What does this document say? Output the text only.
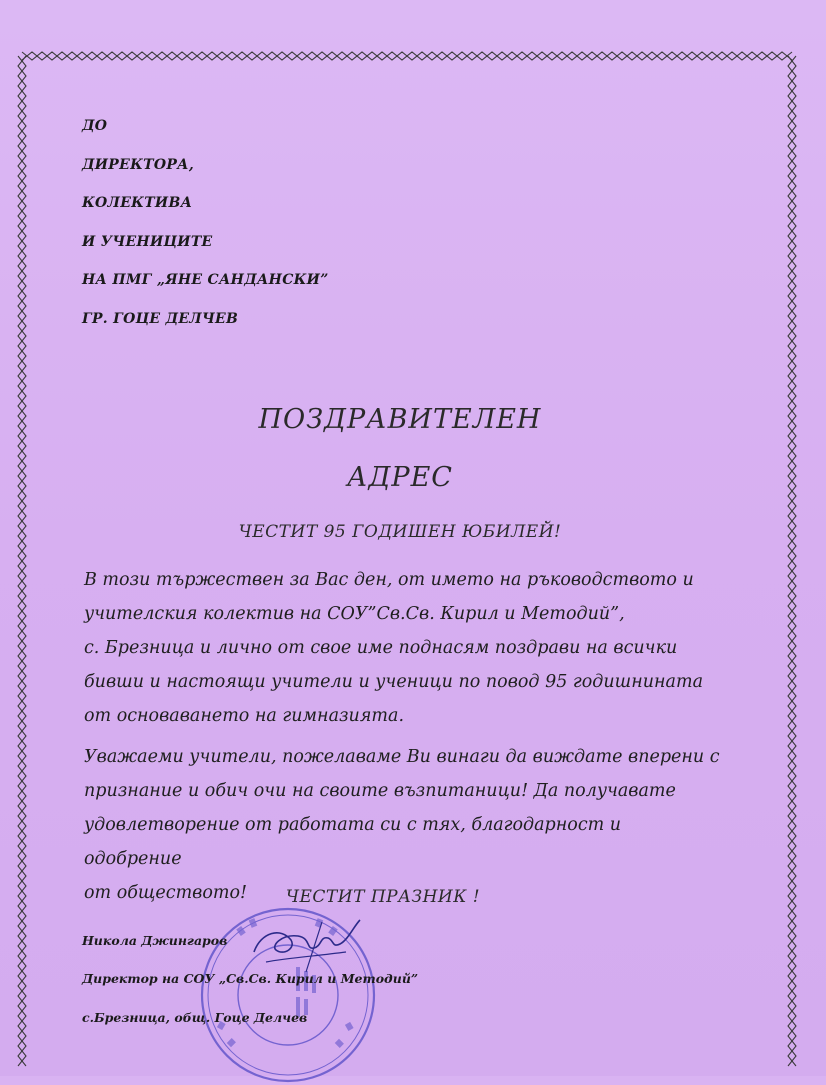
ДО
ДИРЕКТОРА,
КОЛЕКТИВА
И УЧЕНИЦИТЕ
НА ПМГ „ЯНЕ САНДАНСКИ”
ГР. ГОЦЕ ДЕЛЧЕВ
ПОЗДРАВИТЕЛЕН
АДРЕС
ЧЕСТИТ 95 ГОДИШЕН ЮБИЛЕЙ!
В този тържествен за Вас ден, от името на ръководството и
учителския колектив на СОУ”Св.Св. Кирил и Методий”,
с. Брезница и лично от свое име поднасям поздрави на всички
бивши и настоящи учители и ученици по повод 95 годишнината
от основаването на гимназията.
Уважаеми учители, пожелаваме Ви винаги да виждате вперени с
признание и обич очи на своите възпитаници! Да получавате
удовлетворение от работата си с тях, благодарност и одобрение
от обществото!	ЧЕСТИТ ПРАЗНИК !
Никола Джингаров
Директор на СОУ „Св.Св. Кирил и Методий”
с.Брезница, общ. Гоце Делчев
